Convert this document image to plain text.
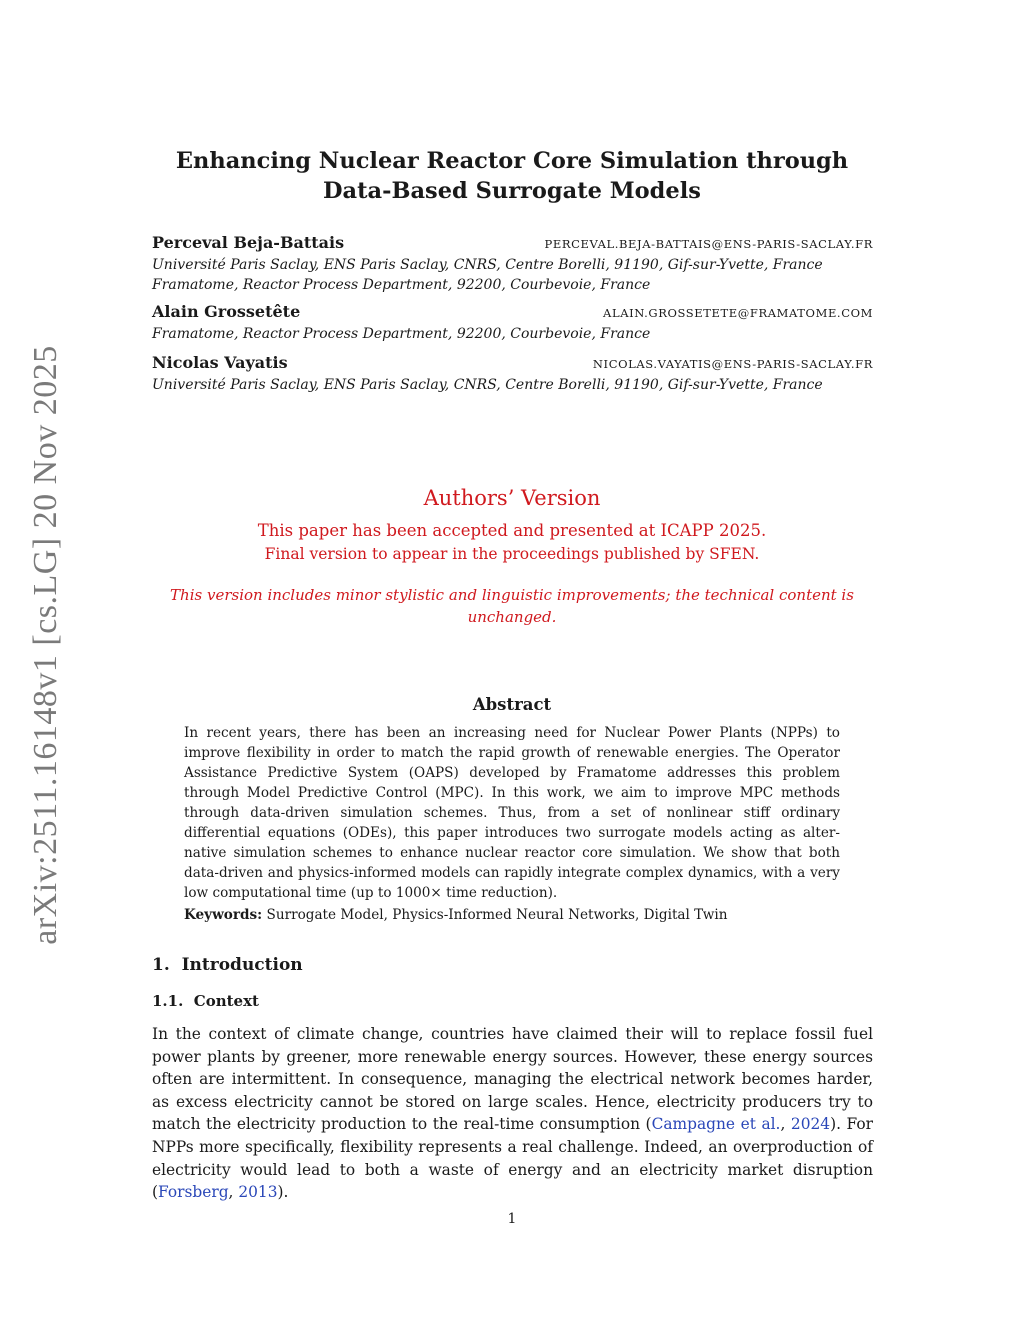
arXiv:2511.16148v1 [cs.LG] 20 Nov 2025
Enhancing Nuclear Reactor Core Simulation through
Data-Based Surrogate Models
Perceval Beja-Battais	PERCEVAL.BEJA-BATTAIS@ENS-PARIS-SACLAY.FR
Université Paris Saclay, ENS Paris Saclay, CNRS, Centre Borelli, 91190, Gif-sur-Yvette, France
Framatome, Reactor Process Department, 92200, Courbevoie, France
Alain Grossetête	ALAIN.GROSSETETE@FRAMATOME.COM
Framatome, Reactor Process Department, 92200, Courbevoie, France
Nicolas Vayatis	NICOLAS.VAYATIS@ENS-PARIS-SACLAY.FR
Université Paris Saclay, ENS Paris Saclay, CNRS, Centre Borelli, 91190, Gif-sur-Yvette, France
Authors’ Version
This paper has been accepted and presented at ICAPP 2025.
Final version to appear in the proceedings published by SFEN.
This version includes minor stylistic and linguistic improvements; the technical content is
unchanged.
Abstract
In recent years, there has been an increasing need for Nuclear Power Plants (NPPs) to improve flexibility in order to match the rapid growth of renewable energies. The Operator Assistance Predictive System (OAPS) developed by Framatome addresses this problem through Model Predictive Control (MPC). In this work, we aim to improve MPC methods through data-driven simulation schemes. Thus, from a set of nonlinear stiff ordinary differential equations (ODEs), this paper introduces two surrogate models acting as alternative simulation schemes to enhance nuclear reactor core simulation. We show that both data-driven and physics-informed models can rapidly integrate complex dynamics, with a very low computational time (up to 1000× time reduction).
Keywords: Surrogate Model, Physics-Informed Neural Networks, Digital Twin
1. Introduction
1.1. Context
In the context of climate change, countries have claimed their will to replace fossil fuel power plants by greener, more renewable energy sources. However, these energy sources often are intermittent. In consequence, managing the electrical network becomes harder, as excess electricity cannot be stored on large scales. Hence, electricity producers try to match the electricity production to the real-time consumption (Campagne et al., 2024). For NPPs more specifically, flexibility represents a real challenge. Indeed, an overproduction of electricity would lead to both a waste of energy and an electricity market disruption (Forsberg, 2013).
1
